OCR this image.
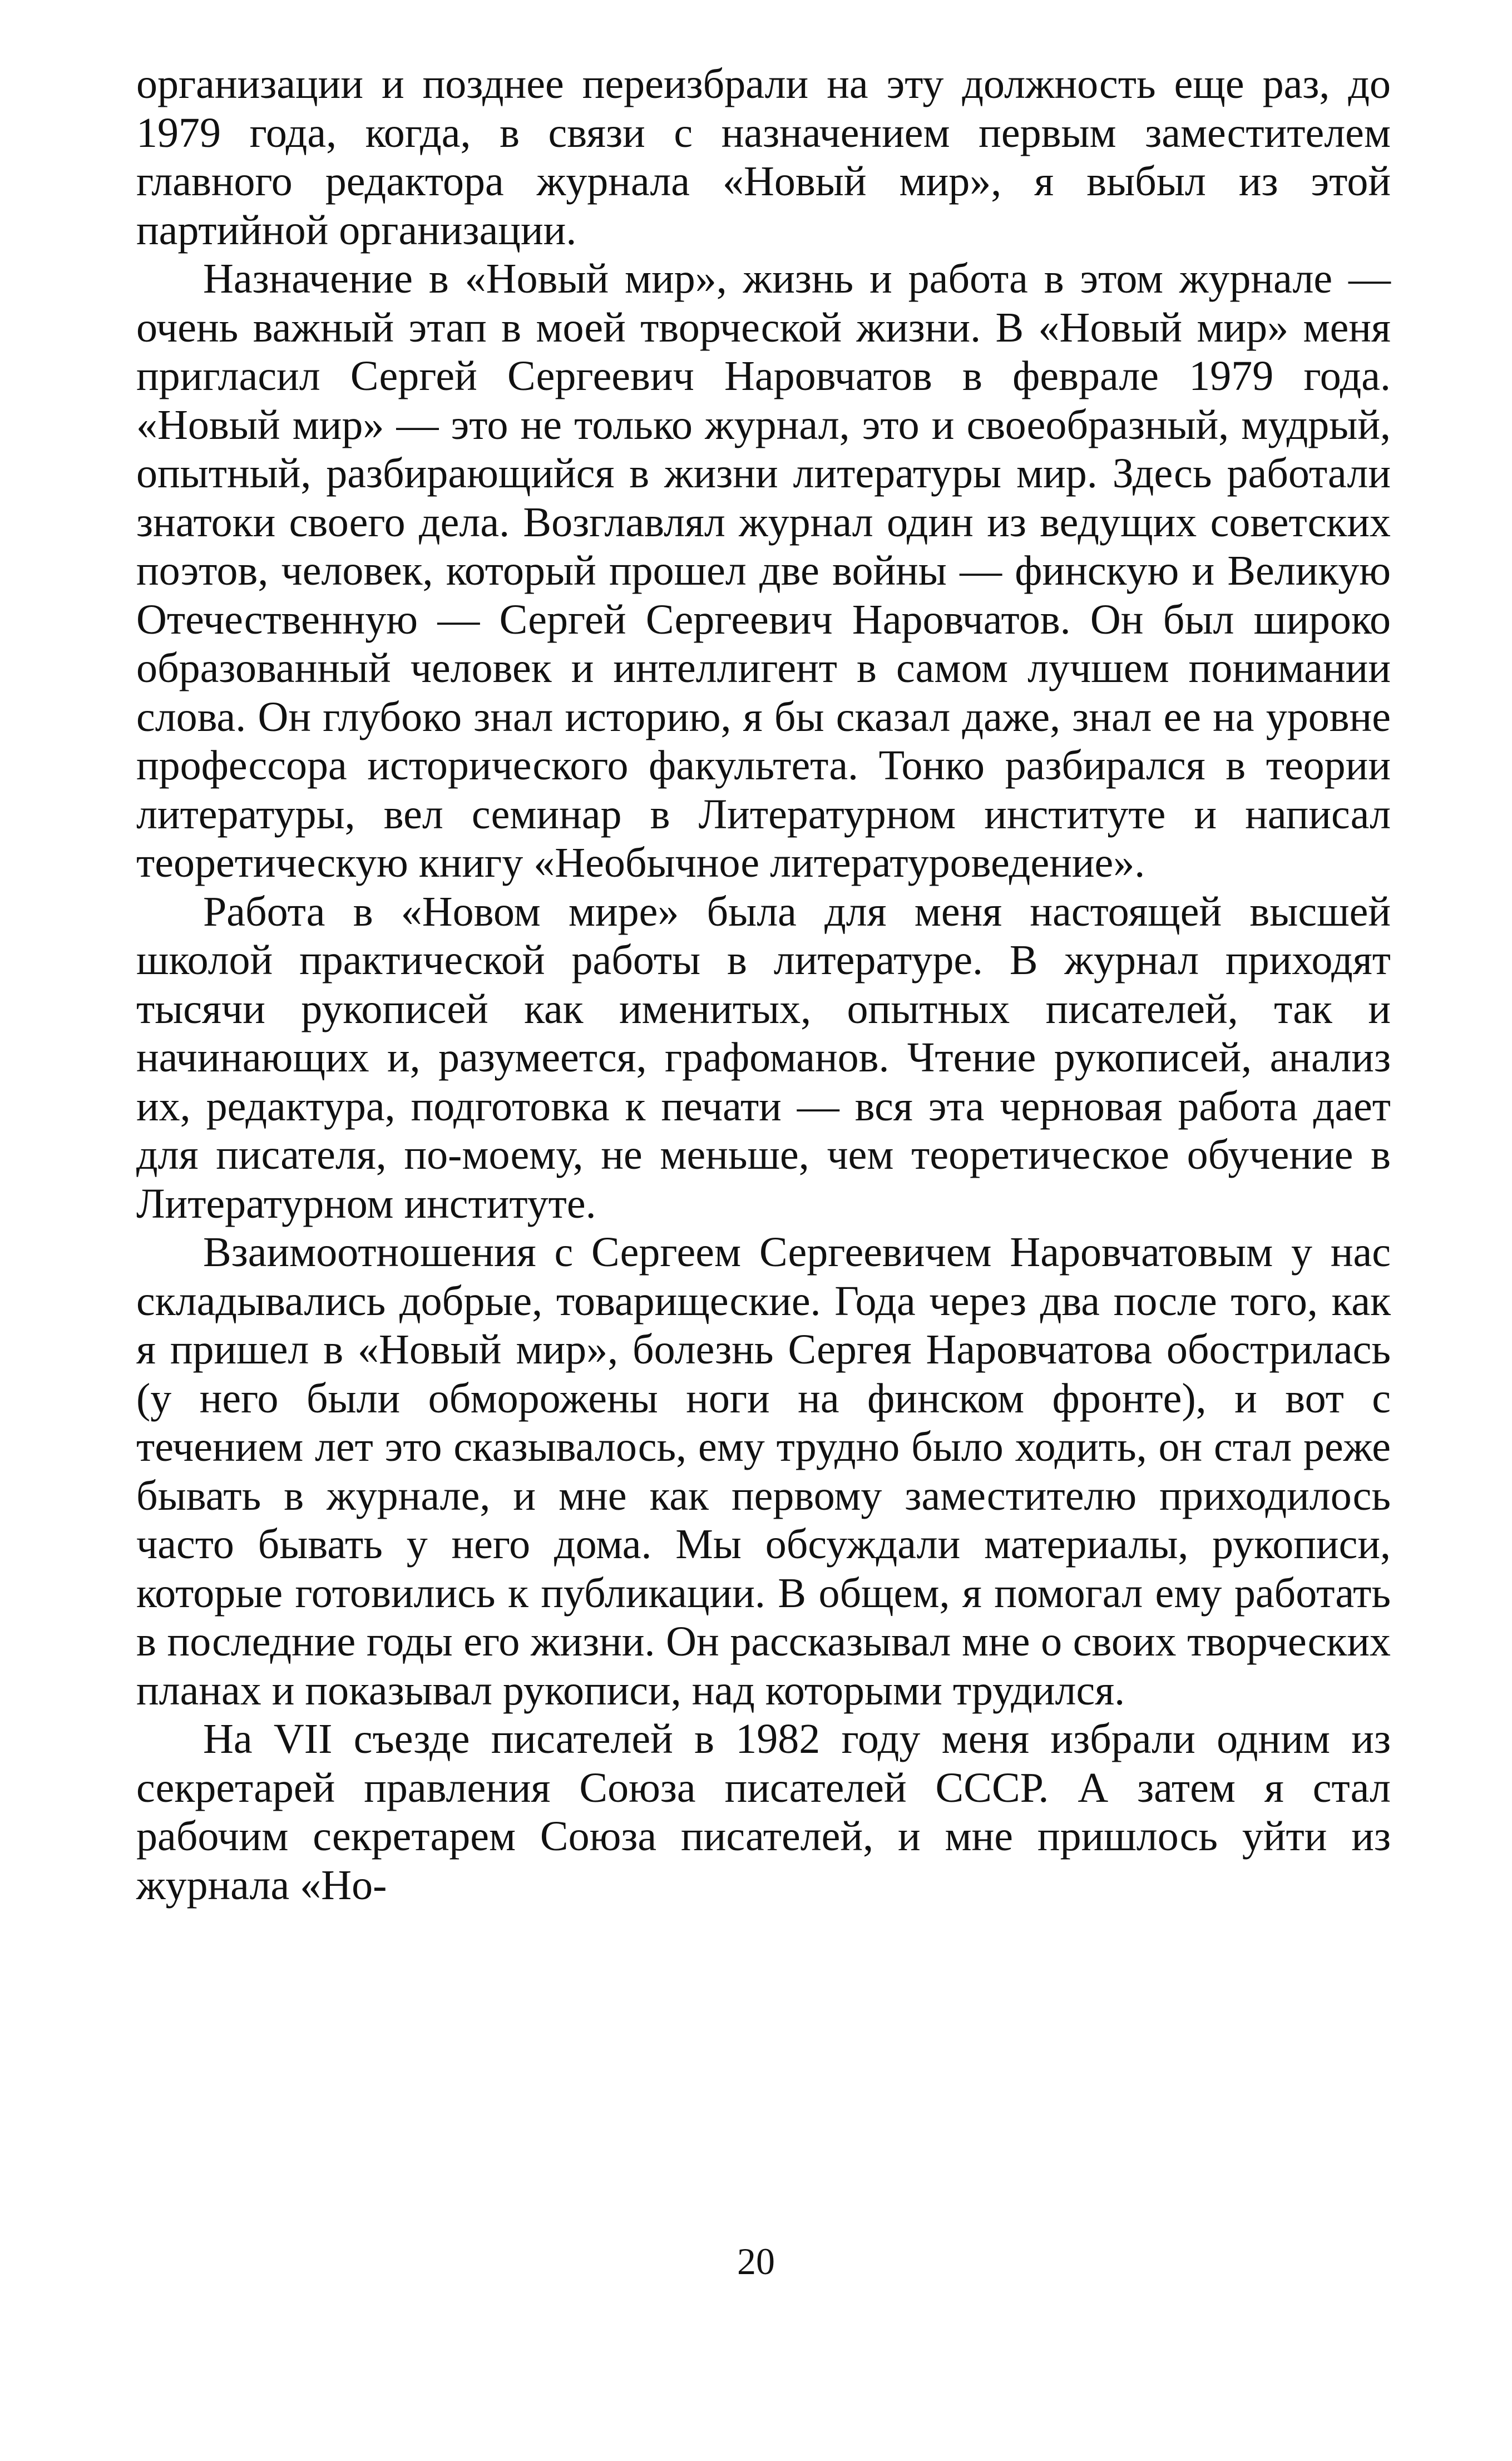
организации и позднее переизбрали на эту должность еще раз, до 1979 года, когда, в связи с назначением первым заместителем главного редактора журнала «Новый мир», я выбыл из этой партийной организации.

Назначение в «Новый мир», жизнь и работа в этом журнале — очень важный этап в моей творческой жизни. В «Новый мир» меня пригласил Сергей Сергеевич Наровчатов в феврале 1979 года. «Новый мир» — это не только журнал, это и своеобразный, мудрый, опытный, разбирающийся в жизни литературы мир. Здесь работали знатоки своего дела. Возглавлял журнал один из ведущих советских поэтов, человек, который прошел две войны — финскую и Великую Отечественную — Сергей Сергеевич Наровчатов. Он был широко образованный человек и интеллигент в самом лучшем понимании слова. Он глубоко знал историю, я бы сказал даже, знал ее на уровне профессора исторического факультета. Тонко разбирался в теории литературы, вел семинар в Литературном институте и написал теоретическую книгу «Необычное литературоведение».

Работа в «Новом мире» была для меня настоящей высшей школой практической работы в литературе. В журнал приходят тысячи рукописей как именитых, опытных писателей, так и начинающих и, разумеется, графоманов. Чтение рукописей, анализ их, редактура, подготовка к печати — вся эта черновая работа дает для писателя, по-моему, не меньше, чем теоретическое обучение в Литературном институте.

Взаимоотношения с Сергеем Сергеевичем Наровчатовым у нас складывались добрые, товарищеские. Года через два после того, как я пришел в «Новый мир», болезнь Сергея Наровчатова обострилась (у него были обморожены ноги на финском фронте), и вот с течением лет это сказывалось, ему трудно было ходить, он стал реже бывать в журнале, и мне как первому заместителю приходилось часто бывать у него дома. Мы обсуждали материалы, рукописи, которые готовились к публикации. В общем, я помогал ему работать в последние годы его жизни. Он рассказывал мне о своих творческих планах и показывал рукописи, над которыми трудился.

На VII съезде писателей в 1982 году меня избрали одним из секретарей правления Союза писателей СССР. А затем я стал рабочим секретарем Союза писателей, и мне пришлось уйти из журнала «Но-

20
